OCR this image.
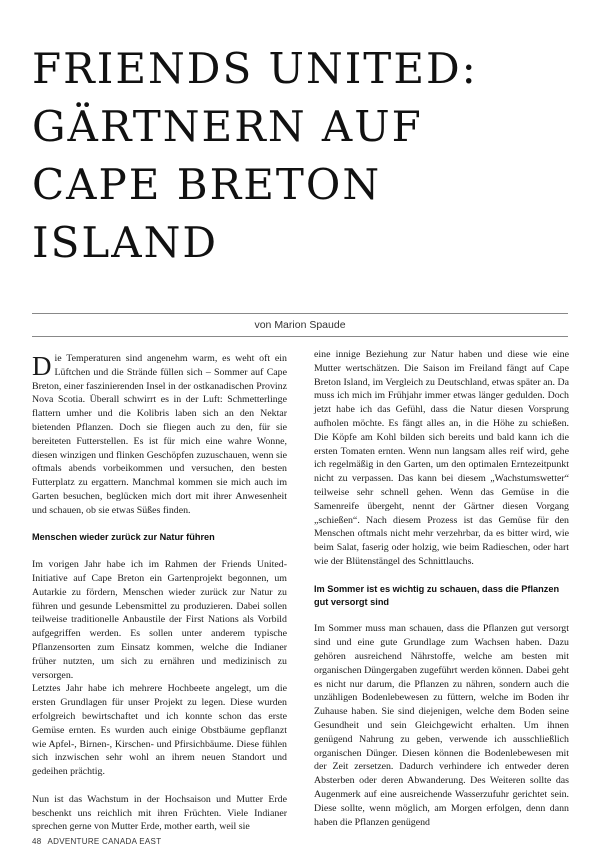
FRIENDS UNITED:
GÄRTNERN AUF
CAPE BRETON
ISLAND
von Marion Spaude

Die Temperaturen sind angenehm warm, es weht oft ein Lüftchen und die Strände füllen sich – Sommer auf Cape Breton, einer faszinierenden Insel in der ostkanadischen Provinz Nova Scotia. Überall schwirrt es in der Luft: Schmetterlinge flattern umher und die Kolibris laben sich an den Nektar bietenden Pflanzen. Doch sie fliegen auch zu den, für sie bereiteten Futterstellen. Es ist für mich eine wahre Wonne, diesen winzigen und flinken Geschöpfen zuzuschauen, wenn sie oftmals abends vorbeikommen und versuchen, den besten Futterplatz zu ergattern. Manchmal kommen sie mich auch im Garten besuchen, beglücken mich dort mit ihrer Anwesenheit und schauen, ob sie etwas Süßes finden.

Menschen wieder zurück zur Natur führen

Im vorigen Jahr habe ich im Rahmen der Friends United-Initiative auf Cape Breton ein Gartenprojekt begonnen, um Autarkie zu fördern, Menschen wieder zurück zur Natur zu führen und gesunde Lebensmittel zu produzieren. Dabei sollen teilweise traditionelle Anbaustile der First Nations als Vorbild aufgegriffen werden. Es sollen unter anderem typische Pflanzensorten zum Einsatz kommen, welche die Indianer früher nutzten, um sich zu ernähren und medizinisch zu versorgen.

Letztes Jahr habe ich mehrere Hochbeete angelegt, um die ersten Grundlagen für unser Projekt zu legen. Diese wurden erfolgreich bewirtschaftet und ich konnte schon das erste Gemüse ernten. Es wurden auch einige Obstbäume gepflanzt wie Apfel-, Birnen-, Kirschen- und Pfirsichbäume. Diese fühlen sich inzwischen sehr wohl an ihrem neuen Standort und gedeihen prächtig.

Nun ist das Wachstum in der Hochsaison und Mutter Erde beschenkt uns reichlich mit ihren Früchten. Viele Indianer sprechen gerne von Mutter Erde, mother earth, weil sie

eine innige Beziehung zur Natur haben und diese wie eine Mutter wertschätzen. Die Saison im Freiland fängt auf Cape Breton Island, im Vergleich zu Deutschland, etwas später an. Da muss ich mich im Frühjahr immer etwas länger gedulden. Doch jetzt habe ich das Gefühl, dass die Natur diesen Vorsprung aufholen möchte. Es fängt alles an, in die Höhe zu schießen. Die Köpfe am Kohl bilden sich bereits und bald kann ich die ersten Tomaten ernten. Wenn nun langsam alles reif wird, gehe ich regelmäßig in den Garten, um den optimalen Erntezeitpunkt nicht zu verpassen. Das kann bei diesem „Wachstumswetter“ teilweise sehr schnell gehen. Wenn das Gemüse in die Samenreife übergeht, nennt der Gärtner diesen Vorgang „schießen“. Nach diesem Prozess ist das Gemüse für den Menschen oftmals nicht mehr verzehrbar, da es bitter wird, wie beim Salat, faserig oder holzig, wie beim Radieschen, oder hart wie der Blütenstängel des Schnittlauchs.

Im Sommer ist es wichtig zu schauen, dass die Pflanzen gut versorgt sind

Im Sommer muss man schauen, dass die Pflanzen gut versorgt sind und eine gute Grundlage zum Wachsen haben. Dazu gehören ausreichend Nährstoffe, welche am besten mit organischen Düngergaben zugeführt werden können. Dabei geht es nicht nur darum, die Pflanzen zu nähren, sondern auch die unzähligen Bodenlebewesen zu füttern, welche im Boden ihr Zuhause haben. Sie sind diejenigen, welche dem Boden seine Gesundheit und sein Gleichgewicht erhalten. Um ihnen genügend Nahrung zu geben, verwende ich ausschließlich organischen Dünger. Diesen können die Bodenlebewesen mit der Zeit zersetzen. Dadurch verhindere ich entweder deren Absterben oder deren Abwanderung. Des Weiteren sollte das Augenmerk auf eine ausreichende Wasserzufuhr gerichtet sein. Diese sollte, wenn möglich, am Morgen erfolgen, denn dann haben die Pflanzen genügend

48 ADVENTURE CANADA EAST
